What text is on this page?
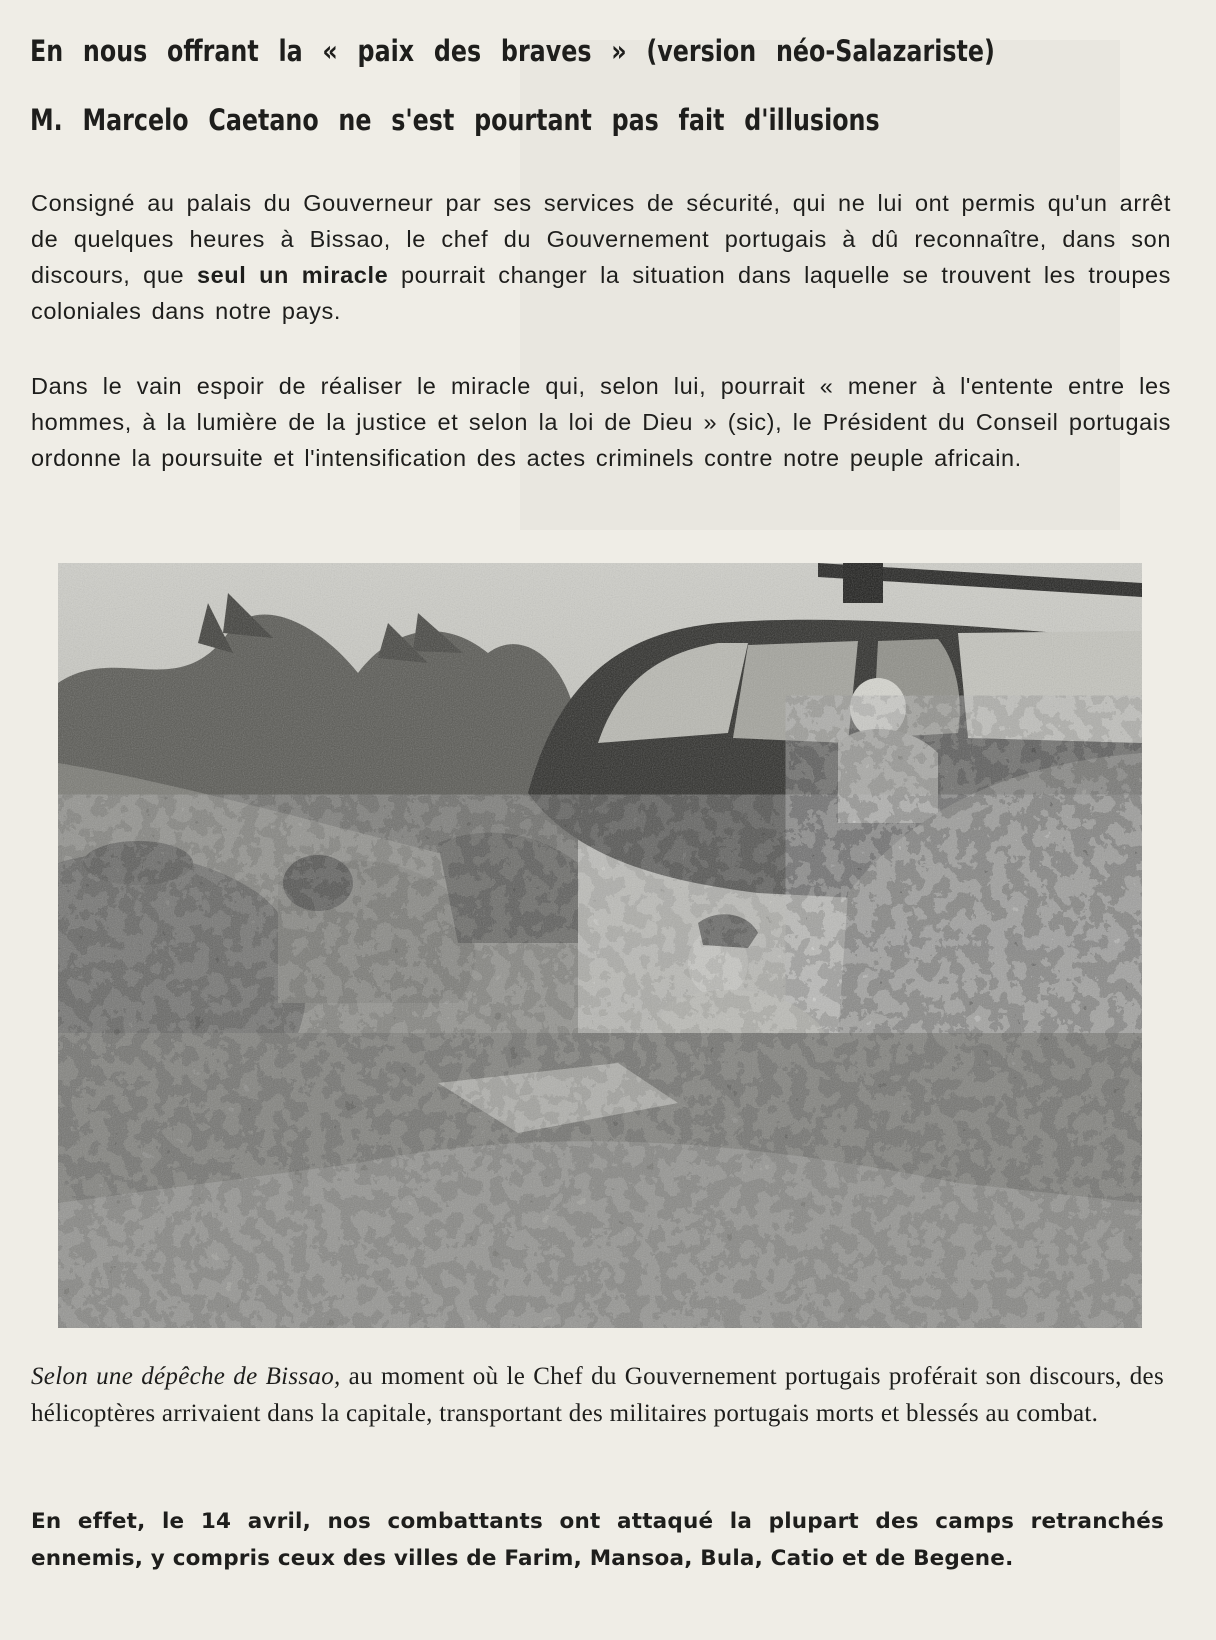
En nous offrant la « paix des braves » (version néo-Salazariste)
M. Marcelo Caetano ne s'est pourtant pas fait d'illusions

Consigné au palais du Gouverneur par ses services de sécurité, qui ne lui ont permis qu'un arrêt de quelques heures à Bissao, le chef du Gouvernement portugais à dû reconnaître, dans son discours, que seul un miracle pourrait changer la situation dans laquelle se trouvent les troupes coloniales dans notre pays.

Dans le vain espoir de réaliser le miracle qui, selon lui, pourrait « mener à l'entente entre les hommes, à la lumière de la justice et selon la loi de Dieu » (sic), le Président du Conseil portugais ordonne la poursuite et l'intensification des actes criminels contre notre peuple africain.

Selon une dépêche de Bissao, au moment où le Chef du Gouvernement portugais proférait son discours, des hélicoptères arrivaient dans la capitale, transportant des militaires portugais morts et blessés au combat.

En effet, le 14 avril, nos combattants ont attaqué la plupart des camps retranchés ennemis, y compris ceux des villes de Farim, Mansoa, Bula, Catio et de Begene.
